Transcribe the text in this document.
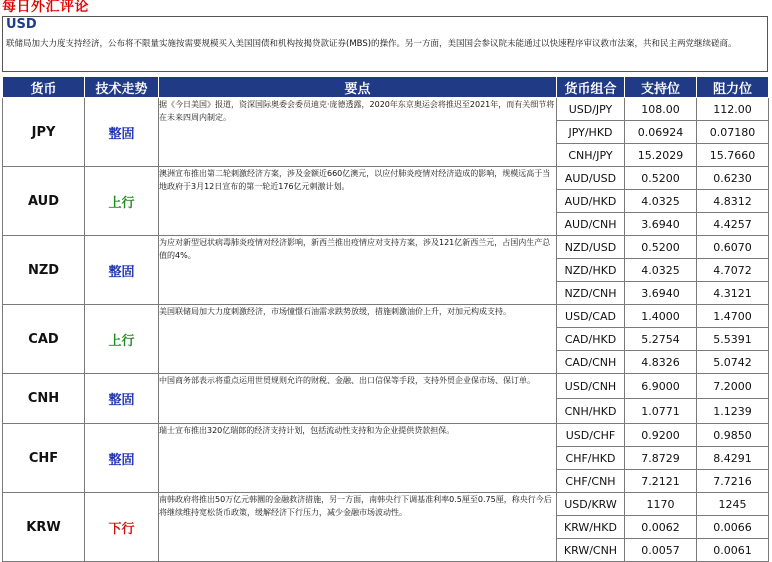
每日外汇评论
USD
联储局加大力度支持经济，公布将不限量实施按需要规模买入美国国债和机构按揭贷款证券(MBS)的操作。另一方面，美国国会参议院未能通过以快速程序审议救市法案，共和民主两党继续磋商。
货币	技术走势	要点	货币组合	支持位	阻力位
JPY	整固	据《今日美国》报道，资深国际奥委会委员迪克·庞德透露，2020年东京奥运会将推迟至2021年，而有关细节将在未来四周内制定。	USD/JPY	108.00	112.00
			JPY/HKD	0.06924	0.07180
			CNH/JPY	15.2029	15.7660
AUD	上行	澳洲宣布推出第二轮刺激经济方案，涉及金额近660亿澳元，以应付肺炎疫情对经济造成的影响，规模远高于当地政府于3月12日宣布的第一轮近176亿元刺激计划。	AUD/USD	0.5200	0.6230
			AUD/HKD	4.0325	4.8312
			AUD/CNH	3.6940	4.4257
NZD	整固	为应对新型冠状病毒肺炎疫情对经济影响，新西兰推出疫情应对支持方案，涉及121亿新西兰元，占国内生产总值的4%。	NZD/USD	0.5200	0.6070
			NZD/HKD	4.0325	4.7072
			NZD/CNH	3.6940	4.3121
CAD	上行	美国联储局加大力度刺激经济，市场憧憬石油需求跌势放缓，措施刺激油价上升，对加元构成支持。	USD/CAD	1.4000	1.4700
			CAD/HKD	5.2754	5.5391
			CAD/CNH	4.8326	5.0742
CNH	整固	中国商务部表示将重点运用世贸规则允许的财税、金融、出口信保等手段，支持外贸企业保市场、保订单。	USD/CNH	6.9000	7.2000
			CNH/HKD	1.0771	1.1239
CHF	整固	瑞士宣布推出320亿瑞郎的经济支持计划，包括流动性支持和为企业提供贷款担保。	USD/CHF	0.9200	0.9850
			CHF/HKD	7.8729	8.4291
			CHF/CNH	7.2121	7.7216
KRW	下行	南韩政府将推出50万亿元韩圜的金融救济措施，另一方面，南韩央行下调基准利率0.5厘至0.75厘，称央行今后将继续维持宽松货币政策，缓解经济下行压力，减少金融市场波动性。	USD/KRW	1170	1245
			KRW/HKD	0.0062	0.0066
			KRW/CNH	0.0057	0.0061
